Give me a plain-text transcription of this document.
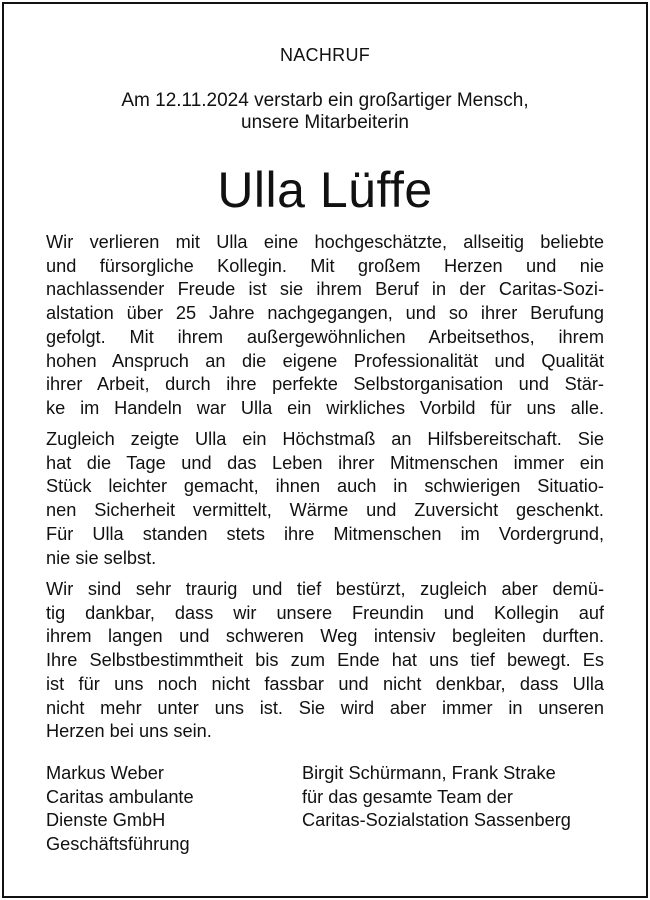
NACHRUF
Am 12.11.2024 verstarb ein großartiger Mensch,
unsere Mitarbeiterin
Ulla Lüffe

Wir verlieren mit Ulla eine hochgeschätzte, allseitig beliebte
und fürsorgliche Kollegin. Mit großem Herzen und nie
nachlassender Freude ist sie ihrem Beruf in der Caritas-Sozi-
alstation über 25 Jahre nachgegangen, und so ihrer Berufung
gefolgt. Mit ihrem außergewöhnlichen Arbeitsethos, ihrem
hohen Anspruch an die eigene Professionalität und Qualität
ihrer Arbeit, durch ihre perfekte Selbstorganisation und Stär-
ke im Handeln war Ulla ein wirkliches Vorbild für uns alle.

Zugleich zeigte Ulla ein Höchstmaß an Hilfsbereitschaft. Sie
hat die Tage und das Leben ihrer Mitmenschen immer ein
Stück leichter gemacht, ihnen auch in schwierigen Situatio-
nen Sicherheit vermittelt, Wärme und Zuversicht geschenkt.
Für Ulla standen stets ihre Mitmenschen im Vordergrund,
nie sie selbst.

Wir sind sehr traurig und tief bestürzt, zugleich aber demü-
tig dankbar, dass wir unsere Freundin und Kollegin auf
ihrem langen und schweren Weg intensiv begleiten durften.
Ihre Selbstbestimmtheit bis zum Ende hat uns tief bewegt. Es
ist für uns noch nicht fassbar und nicht denkbar, dass Ulla
nicht mehr unter uns ist. Sie wird aber immer in unseren
Herzen bei uns sein.

Markus Weber
Caritas ambulante
Dienste GmbH
Geschäftsführung
Birgit Schürmann, Frank Strake
für das gesamte Team der
Caritas-Sozialstation Sassenberg
